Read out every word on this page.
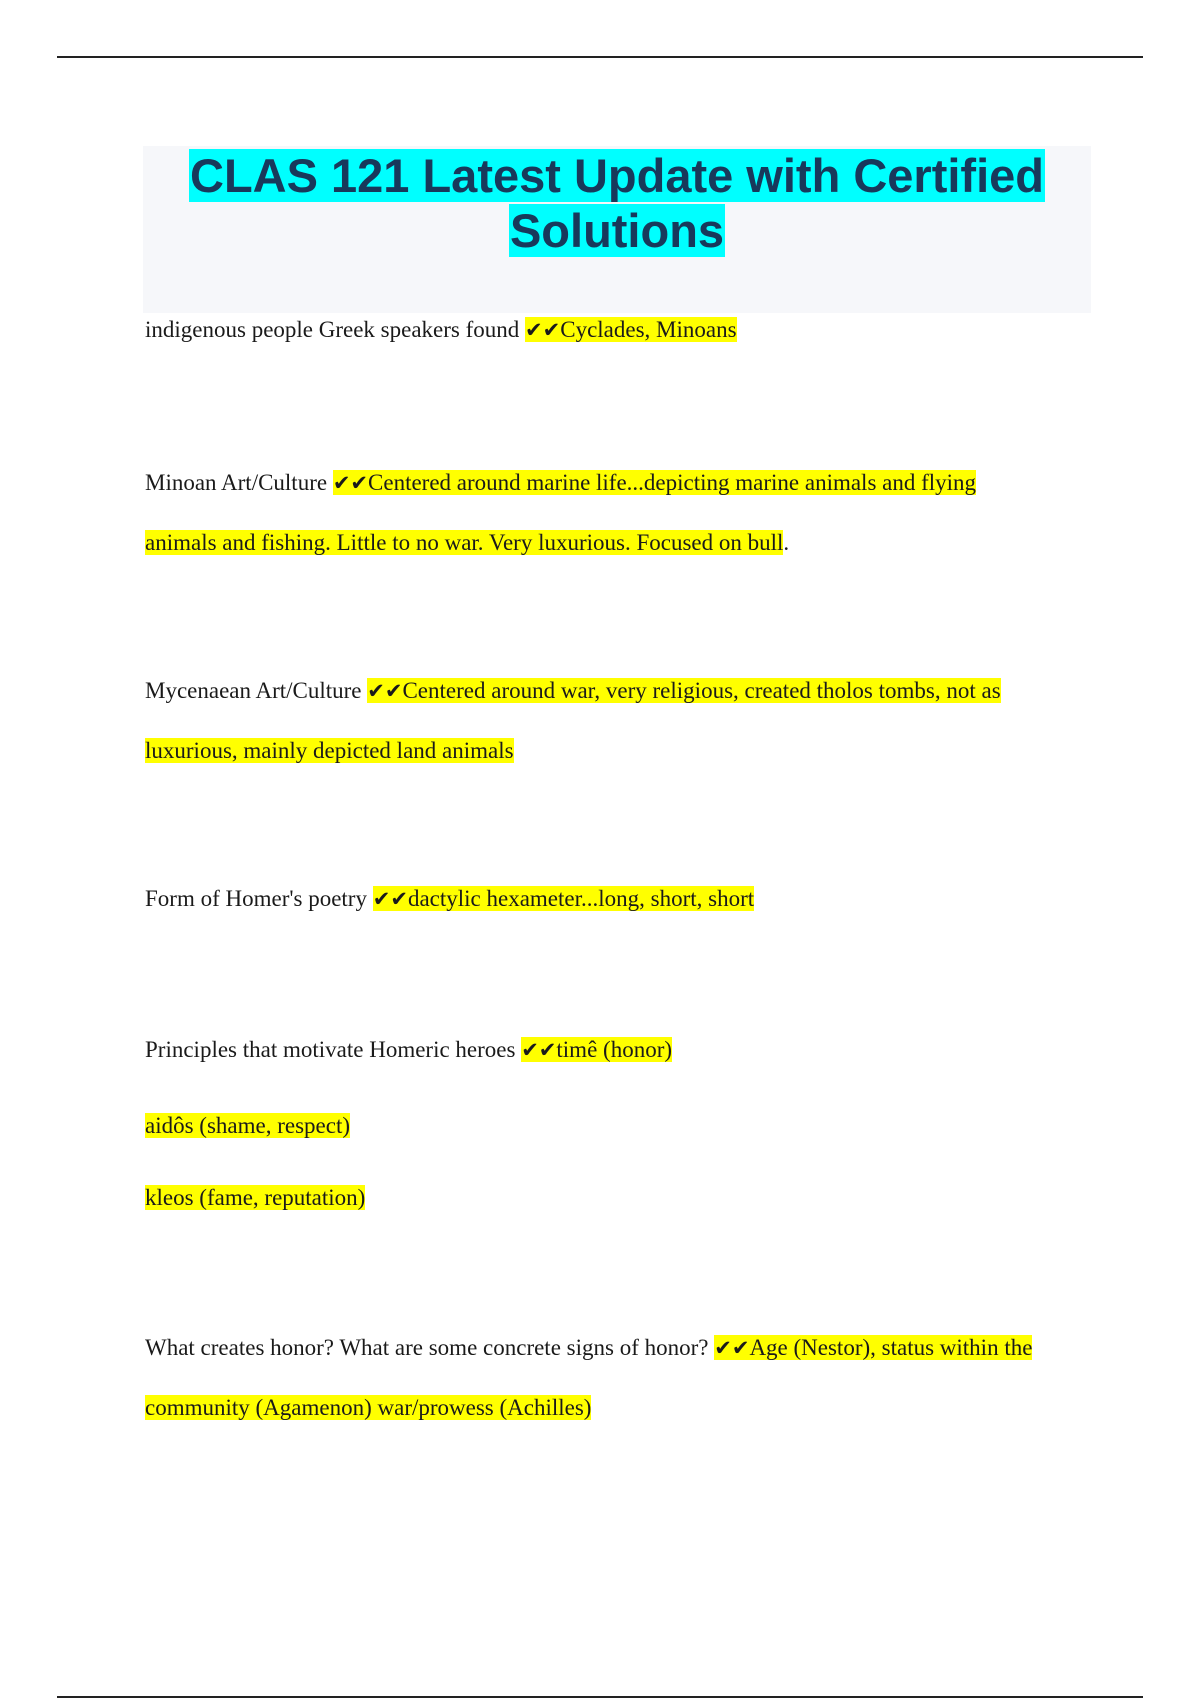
CLAS 121 Latest Update with Certified
Solutions
indigenous people Greek speakers found ✔✔Cyclades, Minoans
Minoan Art/Culture ✔✔Centered around marine life...depicting marine animals and flying
animals and fishing. Little to no war. Very luxurious. Focused on bull.
Mycenaean Art/Culture ✔✔Centered around war, very religious, created tholos tombs, not as
luxurious, mainly depicted land animals
Form of Homer's poetry ✔✔dactylic hexameter...long, short, short
Principles that motivate Homeric heroes ✔✔timê (honor)
aidôs (shame, respect)
kleos (fame, reputation)
What creates honor? What are some concrete signs of honor? ✔✔Age (Nestor), status within the
community (Agamenon) war/prowess (Achilles)
